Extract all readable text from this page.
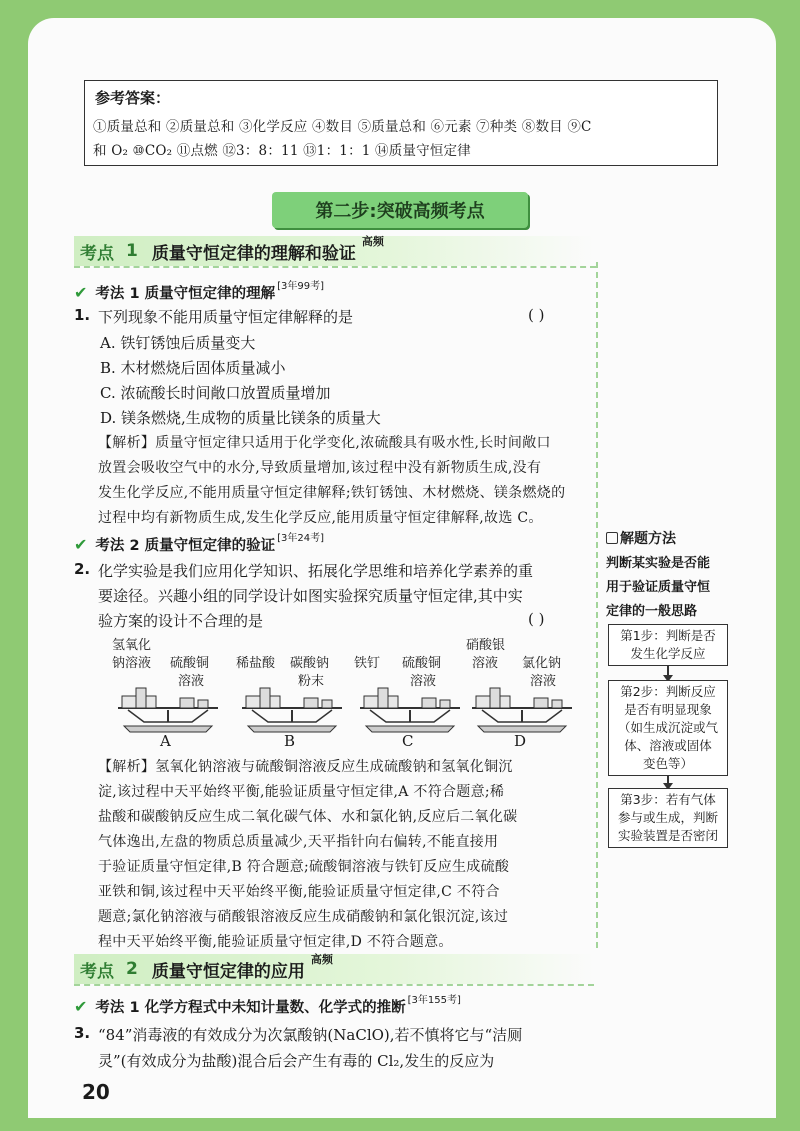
参考答案：
①质量总和 ②质量总和 ③化学反应 ④数目 ⑤质量总和 ⑥元素 ⑦种类 ⑧数目 ⑨C
和 O₂ ⑩CO₂ ⑪点燃 ⑫3：8：11 ⑬1：1：1 ⑭质量守恒定律
第二步:突破高频考点
考点 1 质量守恒定律的理解和验证
高频
✔ 考法 1 质量守恒定律的理解 [3年99考]
1. 下列现象不能用质量守恒定律解释的是	( )
A. 铁钉锈蚀后质量变大
B. 木材燃烧后固体质量减小
C. 浓硫酸长时间敞口放置质量增加
D. 镁条燃烧,生成物的质量比镁条的质量大
【解析】质量守恒定律只适用于化学变化,浓硫酸具有吸水性,长时间敞口
放置会吸收空气中的水分,导致质量增加,该过程中没有新物质生成,没有
发生化学反应,不能用质量守恒定律解释;铁钉锈蚀、木材燃烧、镁条燃烧的
过程中均有新物质生成,发生化学反应,能用质量守恒定律解释,故选 C。
✔ 考法 2 质量守恒定律的验证 [3年24考]
2. 化学实验是我们应用化学知识、拓展化学思维和培养化学素养的重
要途径。兴趣小组的同学设计如图实验探究质量守恒定律,其中实
验方案的设计不合理的是	( )
氢氧化
钠溶液 硫酸铜
溶液
A
稀盐酸 碳酸钠
粉末
B
铁钉 硫酸铜
溶液
C
硝酸银
溶液 氯化钠
溶液
D
【解析】氢氧化钠溶液与硫酸铜溶液反应生成硫酸钠和氢氧化铜沉
淀,该过程中天平始终平衡,能验证质量守恒定律,A 不符合题意;稀
盐酸和碳酸钠反应生成二氧化碳气体、水和氯化钠,反应后二氧化碳
气体逸出,左盘的物质总质量减少,天平指针向右偏转,不能直接用
于验证质量守恒定律,B 符合题意;硫酸铜溶液与铁钉反应生成硫酸
亚铁和铜,该过程中天平始终平衡,能验证质量守恒定律,C 不符合
题意;氯化钠溶液与硝酸银溶液反应生成硝酸钠和氯化银沉淀,该过
程中天平始终平衡,能验证质量守恒定律,D 不符合题意。
考点 2 质量守恒定律的应用
高频
✔ 考法 1 化学方程式中未知计量数、化学式的推断 [3年155考]
3. “84”消毒液的有效成分为次氯酸钠(NaClO),若不慎将它与“洁厕
灵”(有效成分为盐酸)混合后会产生有毒的 Cl₂,发生的反应为
解题方法
判断某实验是否能
用于验证质量守恒
定律的一般思路
第1步：判断是否
发生化学反应
第2步：判断反应
是否有明显现象
（如生成沉淀或气
体、溶液或固体
变色等）
第3步：若有气体
参与或生成，判断
实验装置是否密闭
20
